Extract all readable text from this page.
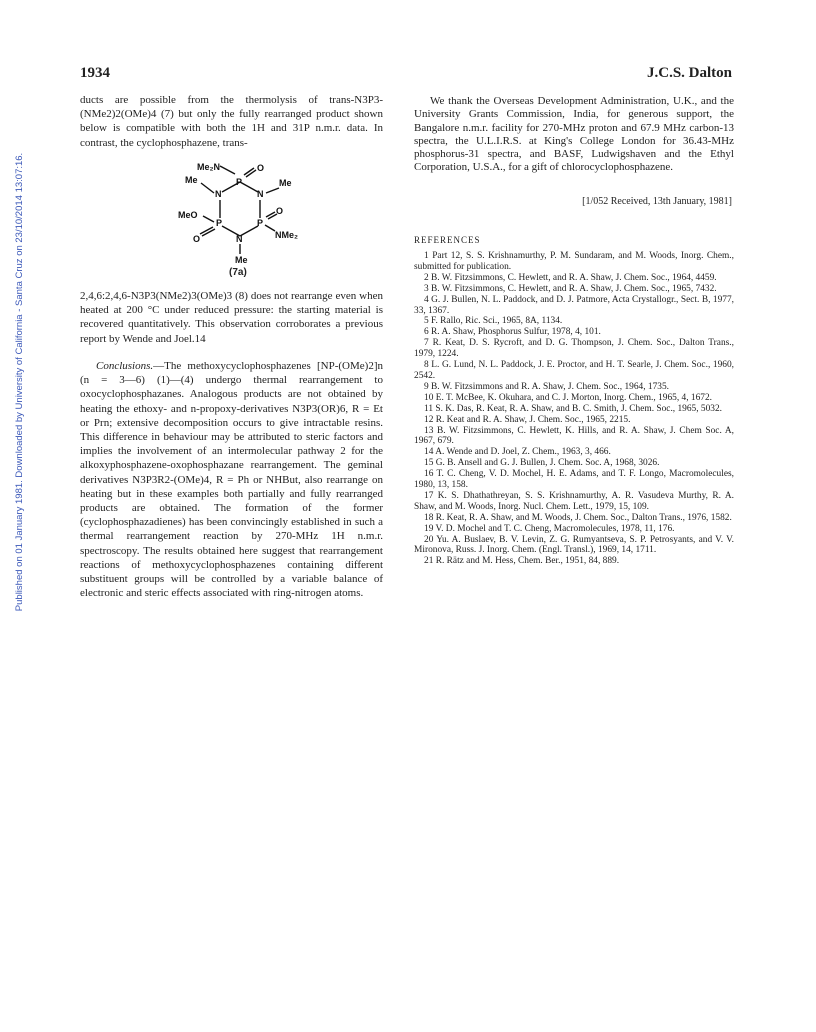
Published on 01 January 1981. Downloaded by University of California - Santa Cruz on 23/10/2014 13:07:16.
1934	J.C.S. Dalton

ducts are possible from the thermolysis of trans-N3P3-(NMe2)2(OMe)4 (7) but only the fully rearranged product shown below is compatible with both the 1H and 31P n.m.r. data. In contrast, the cyclophosphazene, trans-

Me₂N	O
Me
N
P
N
Me
MeO
P	P
O	N
O
NMe₂
Me
(7a)

2,4,6:2,4,6-N3P3(NMe2)3(OMe)3 (8) does not rearrange even when heated at 200 °C under reduced pressure: the starting material is recovered quantitatively. This observation corroborates a previous report by Wende and Joel.14

Conclusions.—The methoxycyclophosphazenes [NP-(OMe)2]n (n = 3—6) (1)—(4) undergo thermal rearrangement to oxocyclophosphazanes. Analogous products are not obtained by heating the ethoxy- and n-propoxy-derivatives N3P3(OR)6, R = Et or Prn; extensive decomposition occurs to give intractable resins. This difference in behaviour may be attributed to steric factors and implies the involvement of an intermolecular pathway 2 for the alkoxyphosphazene-oxophosphazane rearrangement. The geminal derivatives N3P3R2-(OMe)4, R = Ph or NHBut, also rearrange on heating but in these examples both partially and fully rearranged products are obtained. The formation of the former (cyclophosphazadienes) has been convincingly established in such a thermal rearrangement reaction by 270-MHz 1H n.m.r. spectroscopy. The results obtained here suggest that rearrangement reactions of methoxycyclophosphazenes containing different substituent groups will be controlled by a variable balance of electronic and steric effects associated with ring-nitrogen atoms.

We thank the Overseas Development Administration, U.K., and the University Grants Commission, India, for generous support, the Bangalore n.m.r. facility for 270-MHz proton and 67.9 MHz carbon-13 spectra, the U.L.I.R.S. at King's College London for 36.43-MHz phosphorus-31 spectra, and BASF, Ludwigshaven and the Ethyl Corporation, U.S.A., for a gift of chlorocyclophosphazene.

[1/052 Received, 13th January, 1981]
REFERENCES

1 Part 12, S. S. Krishnamurthy, P. M. Sundaram, and M. Woods, Inorg. Chem., submitted for publication.

2 B. W. Fitzsimmons, C. Hewlett, and R. A. Shaw, J. Chem. Soc., 1964, 4459.

3 B. W. Fitzsimmons, C. Hewlett, and R. A. Shaw, J. Chem. Soc., 1965, 7432.

4 G. J. Bullen, N. L. Paddock, and D. J. Patmore, Acta Crystallogr., Sect. B, 1977, 33, 1367.

5 F. Rallo, Ric. Sci., 1965, 8A, 1134.

6 R. A. Shaw, Phosphorus Sulfur, 1978, 4, 101.

7 R. Keat, D. S. Rycroft, and D. G. Thompson, J. Chem. Soc., Dalton Trans., 1979, 1224.

8 L. G. Lund, N. L. Paddock, J. E. Proctor, and H. T. Searle, J. Chem. Soc., 1960, 2542.

9 B. W. Fitzsimmons and R. A. Shaw, J. Chem. Soc., 1964, 1735.

10 E. T. McBee, K. Okuhara, and C. J. Morton, Inorg. Chem., 1965, 4, 1672.

11 S. K. Das, R. Keat, R. A. Shaw, and B. C. Smith, J. Chem. Soc., 1965, 5032.

12 R. Keat and R. A. Shaw, J. Chem. Soc., 1965, 2215.

13 B. W. Fitzsimmons, C. Hewlett, K. Hills, and R. A. Shaw, J. Chem Soc. A, 1967, 679.

14 A. Wende and D. Joel, Z. Chem., 1963, 3, 466.

15 G. B. Ansell and G. J. Bullen, J. Chem. Soc. A, 1968, 3026.

16 T. C. Cheng, V. D. Mochel, H. E. Adams, and T. F. Longo, Macromolecules, 1980, 13, 158.

17 K. S. Dhathathreyan, S. S. Krishnamurthy, A. R. Vasudeva Murthy, R. A. Shaw, and M. Woods, Inorg. Nucl. Chem. Lett., 1979, 15, 109.

18 R. Keat, R. A. Shaw, and M. Woods, J. Chem. Soc., Dalton Trans., 1976, 1582.

19 V. D. Mochel and T. C. Cheng, Macromolecules, 1978, 11, 176.

20 Yu. A. Buslaev, B. V. Levin, Z. G. Rumyantseva, S. P. Petrosyants, and V. V. Mironova, Russ. J. Inorg. Chem. (Engl. Transl.), 1969, 14, 1711.

21 R. Rätz and M. Hess, Chem. Ber., 1951, 84, 889.
